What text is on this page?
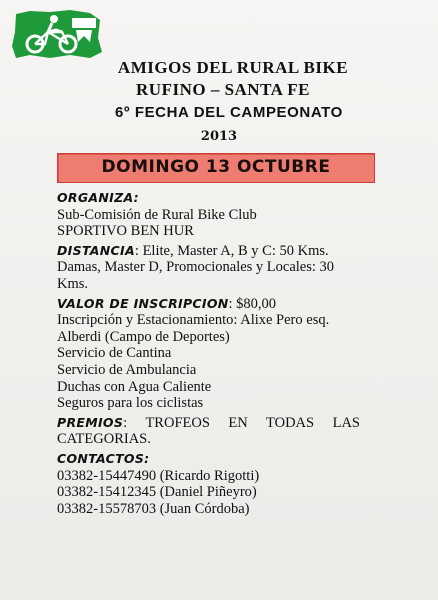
AMIGOS DEL RURAL BIKE
RUFINO – SANTA FE
6º FECHA DEL CAMPEONATO
2013
DOMINGO 13 OCTUBRE
ORGANIZA:
Sub-Comisión de Rural Bike Club
SPORTIVO BEN HUR
DISTANCIA: Elite, Master A, B y C: 50 Kms.
Damas, Master D, Promocionales y Locales: 30
Kms.
VALOR DE INSCRIPCION: $80,00
Inscripción y Estacionamiento: Alixe Pero esq.
Alberdi (Campo de Deportes)
Servicio de Cantina
Servicio de Ambulancia
Duchas con Agua Caliente
Seguros para los ciclistas
PREMIOS: TROFEOS EN TODAS LAS
CATEGORIAS.
CONTACTOS:
03382-15447490 (Ricardo Rigotti)
03382-15412345 (Daniel Piñeyro)
03382-15578703 (Juan Córdoba)
